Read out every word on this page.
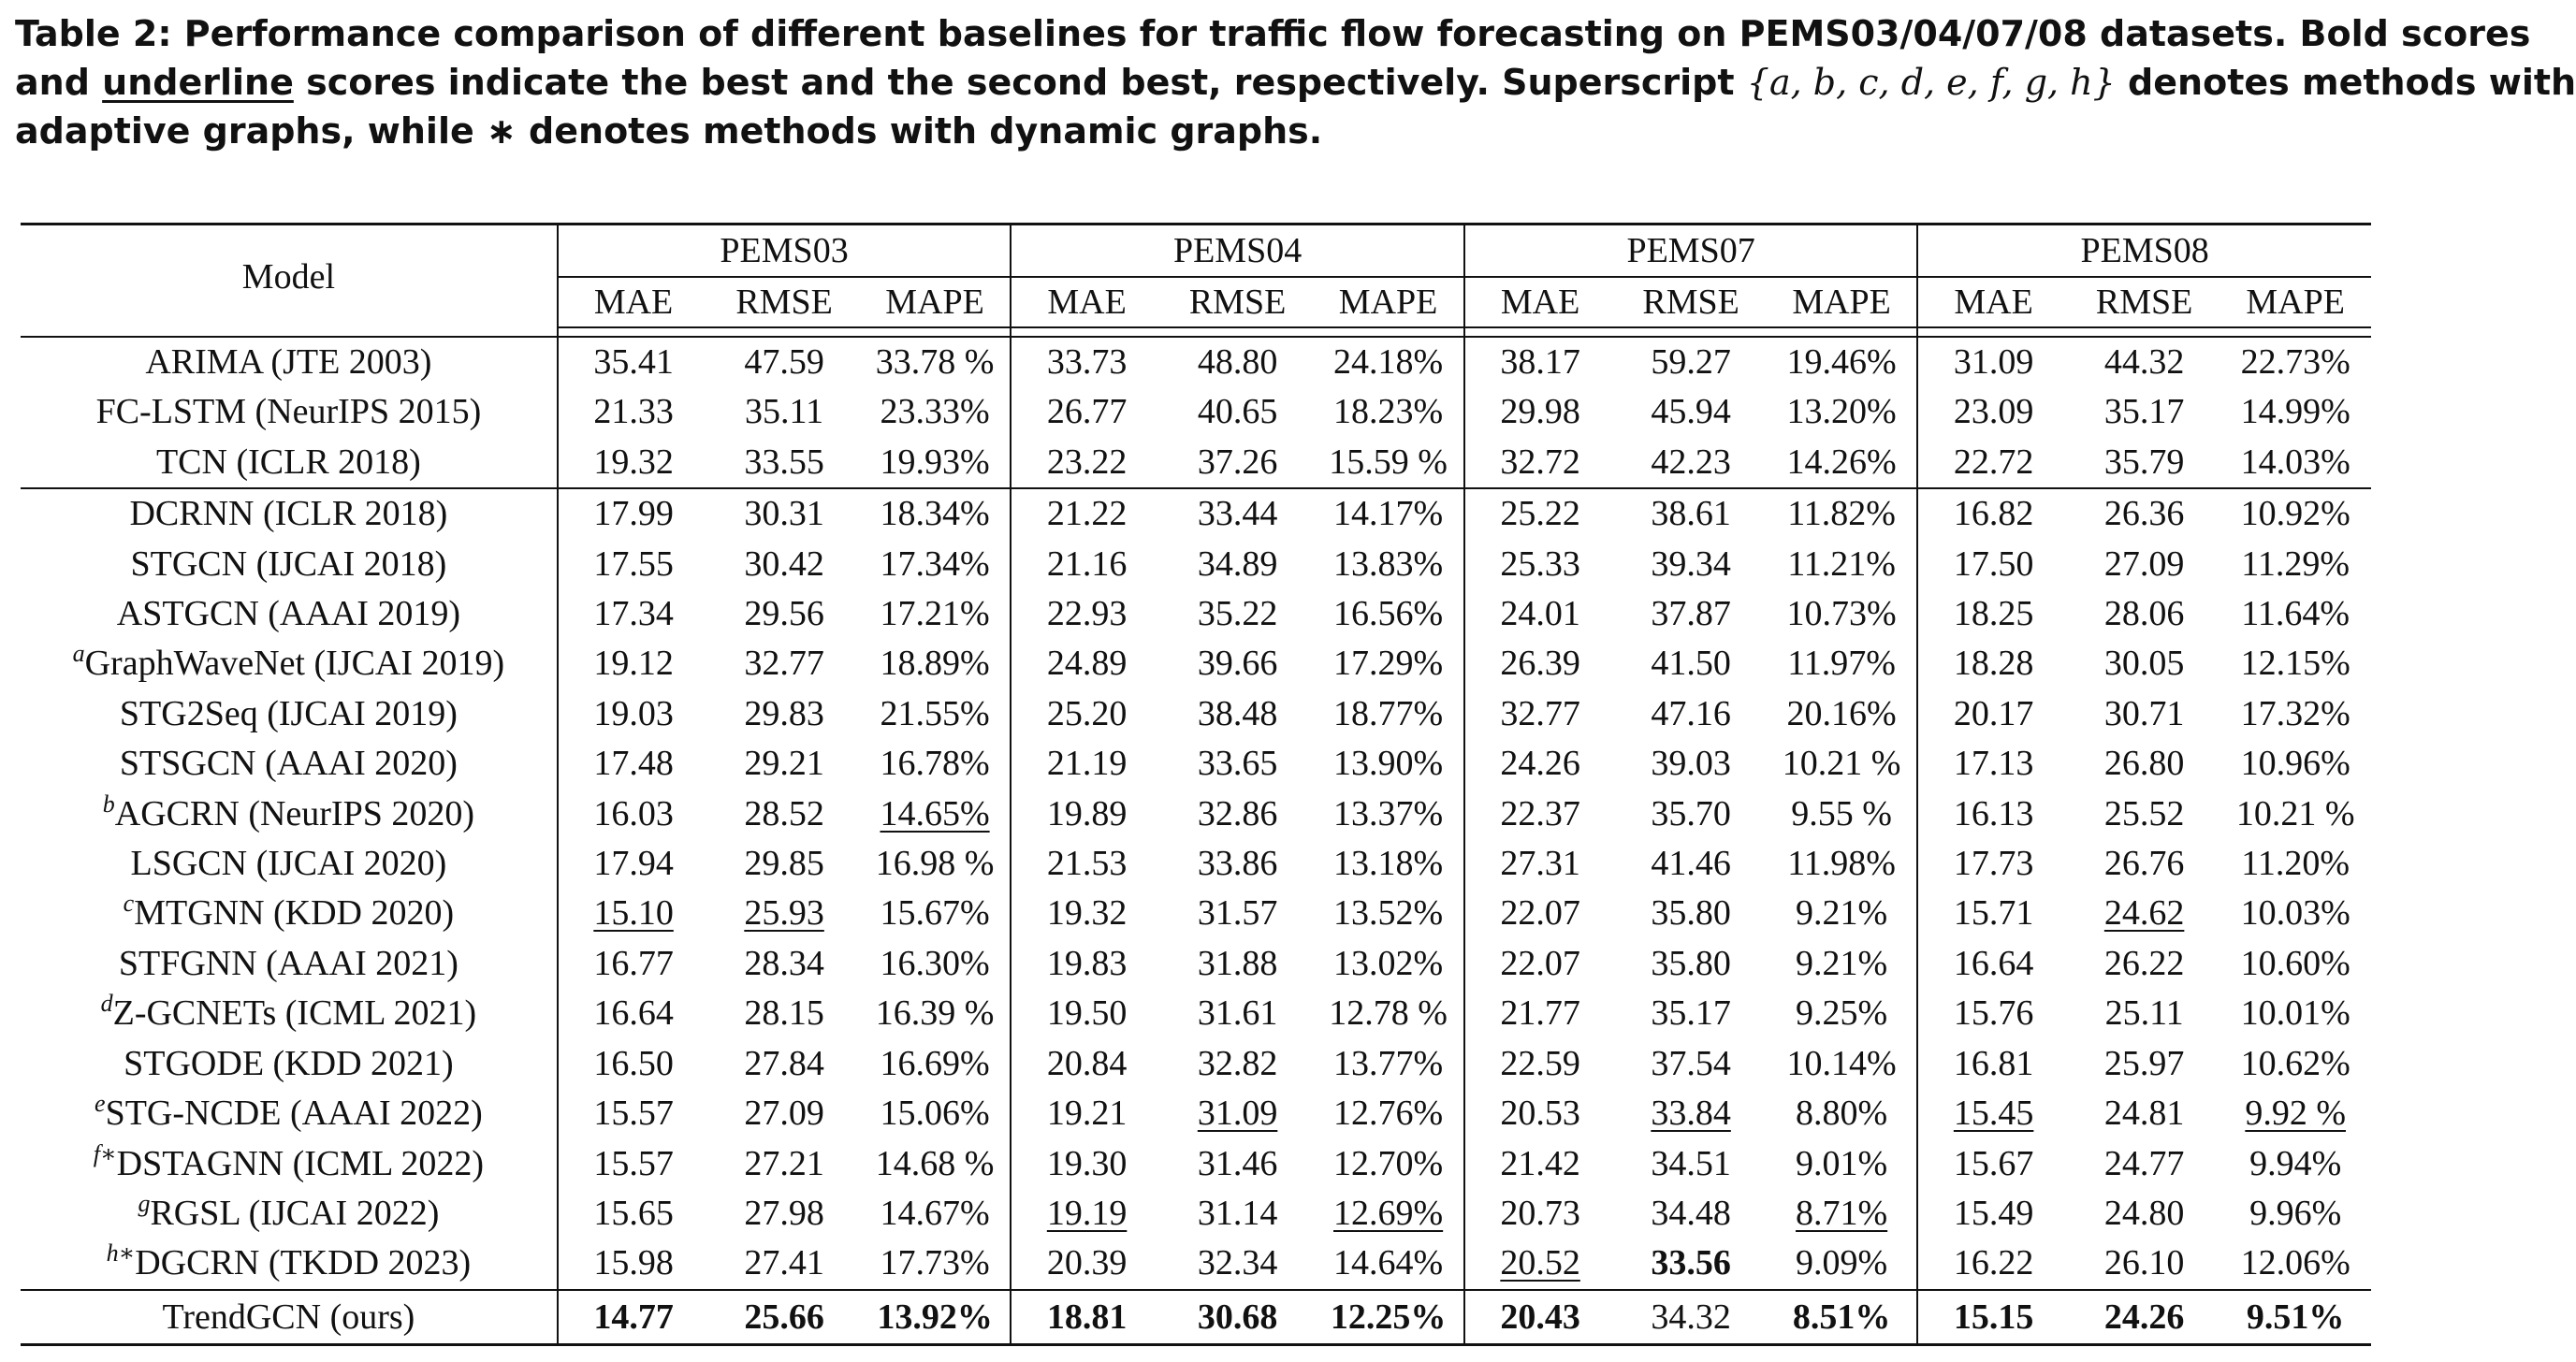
Table 2: Performance comparison of different baselines for traffic flow forecasting on PEMS03/04/07/08 datasets. Bold scores
and underline scores indicate the best and the second best, respectively. Superscript {a, b, c, d, e, f, g, h} denotes methods with
adaptive graphs, while ∗ denotes methods with dynamic graphs.
Model	PEMS03			PEMS04			PEMS07			PEMS08		
	MAE	RMSE	MAPE	MAE	RMSE	MAPE	MAE	RMSE	MAPE	MAE	RMSE	MAPE

ARIMA (JTE 2003)	35.41	47.59	33.78 %	33.73	48.80	24.18%	38.17	59.27	19.46%	31.09	44.32	22.73%
FC-LSTM (NeurIPS 2015)	21.33	35.11	23.33%	26.77	40.65	18.23%	29.98	45.94	13.20%	23.09	35.17	14.99%
TCN (ICLR 2018)	19.32	33.55	19.93%	23.22	37.26	15.59 %	32.72	42.23	14.26%	22.72	35.79	14.03%
DCRNN (ICLR 2018)	17.99	30.31	18.34%	21.22	33.44	14.17%	25.22	38.61	11.82%	16.82	26.36	10.92%
STGCN (IJCAI 2018)	17.55	30.42	17.34%	21.16	34.89	13.83%	25.33	39.34	11.21%	17.50	27.09	11.29%
ASTGCN (AAAI 2019)	17.34	29.56	17.21%	22.93	35.22	16.56%	24.01	37.87	10.73%	18.25	28.06	11.64%
$^a$GraphWaveNet (IJCAI 2019)	19.12	32.77	18.89%	24.89	39.66	17.29%	26.39	41.50	11.97%	18.28	30.05	12.15%
STG2Seq (IJCAI 2019)	19.03	29.83	21.55%	25.20	38.48	18.77%	32.77	47.16	20.16%	20.17	30.71	17.32%
STSGCN (AAAI 2020)	17.48	29.21	16.78%	21.19	33.65	13.90%	24.26	39.03	10.21 %	17.13	26.80	10.96%
$^b$AGCRN (NeurIPS 2020)	16.03	28.52	14.65%	19.89	32.86	13.37%	22.37	35.70	9.55 %	16.13	25.52	10.21 %
LSGCN (IJCAI 2020)	17.94	29.85	16.98 %	21.53	33.86	13.18%	27.31	41.46	11.98%	17.73	26.76	11.20%
$^c$MTGNN (KDD 2020)	15.10	25.93	15.67%	19.32	31.57	13.52%	22.07	35.80	9.21%	15.71	24.62	10.03%
STFGNN (AAAI 2021)	16.77	28.34	16.30%	19.83	31.88	13.02%	22.07	35.80	9.21%	16.64	26.22	10.60%
$^d$Z-GCNETs (ICML 2021)	16.64	28.15	16.39 %	19.50	31.61	12.78 %	21.77	35.17	9.25%	15.76	25.11	10.01%
STGODE (KDD 2021)	16.50	27.84	16.69%	20.84	32.82	13.77%	22.59	37.54	10.14%	16.81	25.97	10.62%
$^e$STG-NCDE (AAAI 2022)	15.57	27.09	15.06%	19.21	31.09	12.76%	20.53	33.84	8.80%	15.45	24.81	9.92 %
$^{f∗}$DSTAGNN (ICML 2022)	15.57	27.21	14.68 %	19.30	31.46	12.70%	21.42	34.51	9.01%	15.67	24.77	9.94%
$^g$RGSL (IJCAI 2022)	15.65	27.98	14.67%	19.19	31.14	12.69%	20.73	34.48	8.71%	15.49	24.80	9.96%
$^{h∗}$DGCRN (TKDD 2023)	15.98	27.41	17.73%	20.39	32.34	14.64%	20.52	33.56	9.09%	16.22	26.10	12.06%
TrendGCN (ours)	14.77	25.66	13.92%	18.81	30.68	12.25%	20.43	34.32	8.51%	15.15	24.26	9.51%
